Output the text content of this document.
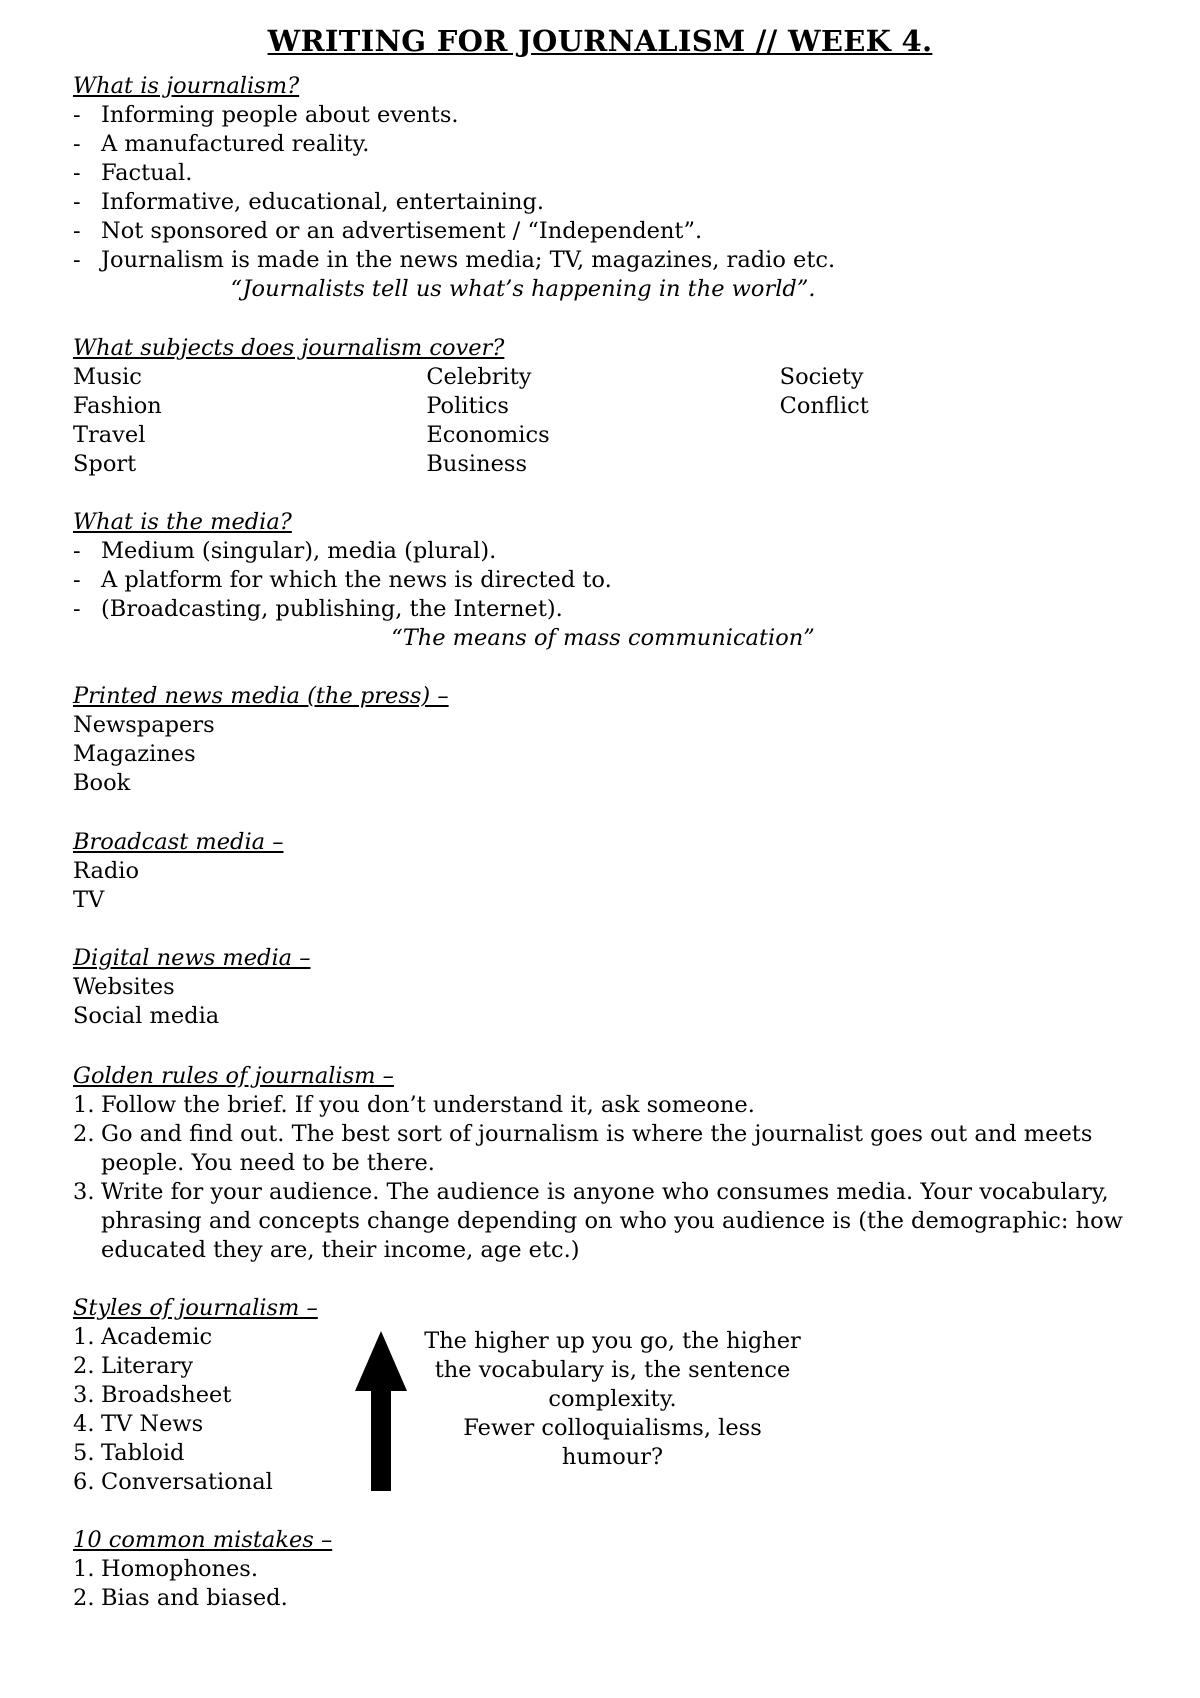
WRITING FOR JOURNALISM // WEEK 4.
What is journalism?
- Informing people about events.
- A manufactured reality.
- Factual.
- Informative, educational, entertaining.
- Not sponsored or an advertisement / “Independent”.
- Journalism is made in the news media; TV, magazines, radio etc.
“Journalists tell us what’s happening in the world”.
What subjects does journalism cover?
Music
Fashion
Travel
Sport
Celebrity
Politics
Economics
Business
Society
Conflict
What is the media?
- Medium (singular), media (plural).
- A platform for which the news is directed to.
- (Broadcasting, publishing, the Internet).
“The means of mass communication”
Printed news media (the press) –
Newspapers
Magazines
Book
Broadcast media –
Radio
TV
Digital news media –
Websites
Social media
Golden rules of journalism –
1. Follow the brief. If you don’t understand it, ask someone.
2. Go and find out. The best sort of journalism is where the journalist goes out and meets people. You need to be there.
3. Write for your audience. The audience is anyone who consumes media. Your vocabulary, phrasing and concepts change depending on who you audience is (the demographic: how educated they are, their income, age etc.)
Styles of journalism –
1. Academic
2. Literary
3. Broadsheet
4. TV News
5. Tabloid
6. Conversational
The higher up you go, the higher
the vocabulary is, the sentence
complexity.
Fewer colloquialisms, less
humour?
10 common mistakes –
1. Homophones.
2. Bias and biased.
